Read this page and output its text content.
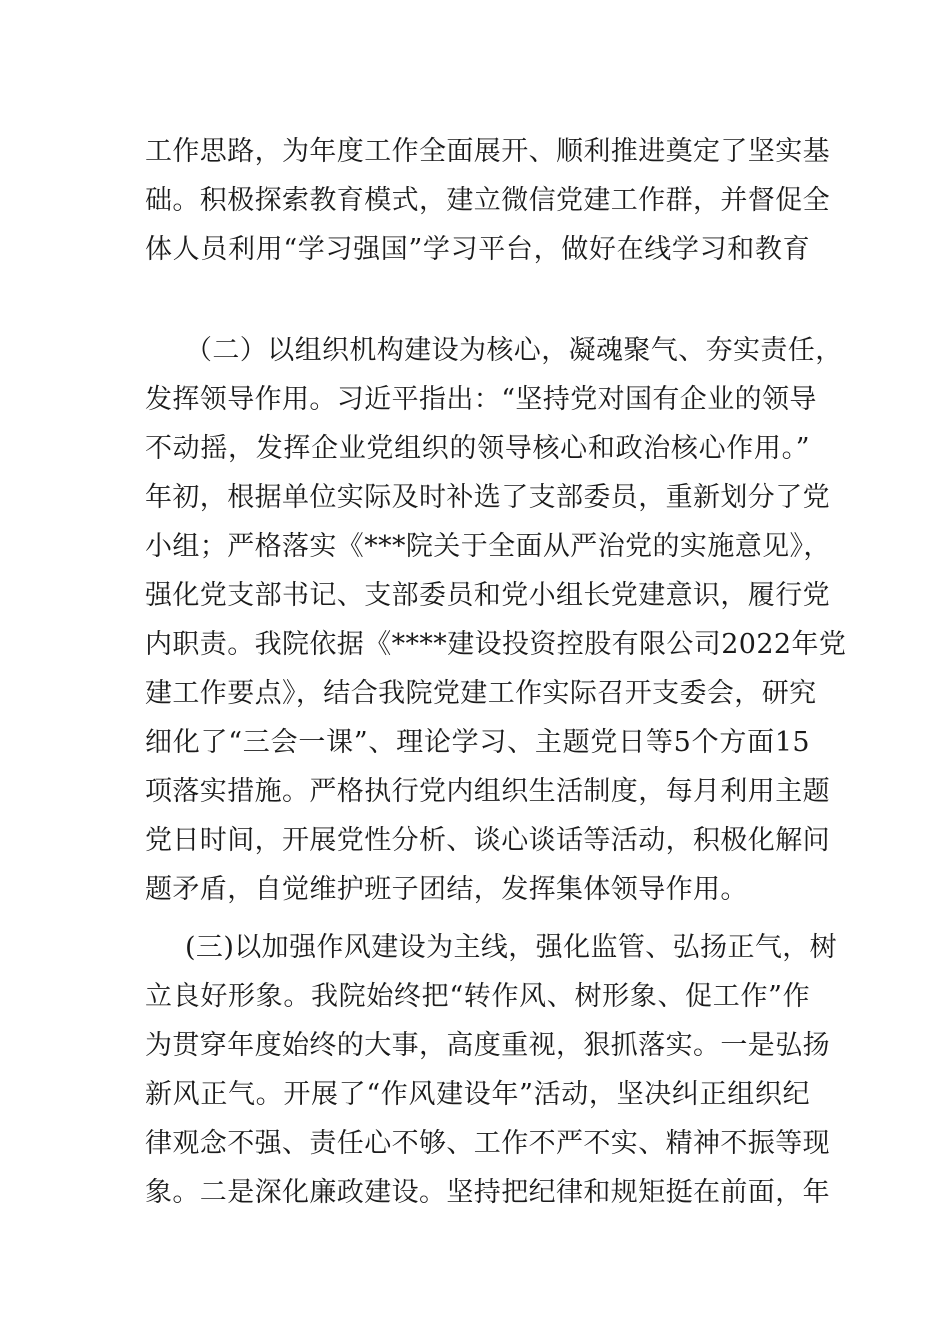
工作思路，为年度工作全面展开、顺利推进奠定了坚实基
础。积极探索教育模式，建立微信党建工作群，并督促全
体人员利用“学习强国”学习平台，做好在线学习和教育
（二）以组织机构建设为核心，凝魂聚气、夯实责任，
发挥领导作用。习近平指出：“坚持党对国有企业的领导
不动摇，发挥企业党组织的领导核心和政治核心作用。”
年初，根据单位实际及时补选了支部委员，重新划分了党
小组；严格落实《***院关于全面从严治党的实施意见》，
强化党支部书记、支部委员和党小组长党建意识，履行党
内职责。我院依据《****建设投资控股有限公司2022年党
建工作要点》，结合我院党建工作实际召开支委会，研究
细化了“三会一课”、理论学习、主题党日等5个方面15
项落实措施。严格执行党内组织生活制度，每月利用主题
党日时间，开展党性分析、谈心谈话等活动，积极化解问
题矛盾，自觉维护班子团结，发挥集体领导作用。
(三)以加强作风建设为主线，强化监管、弘扬正气，树
立良好形象。我院始终把“转作风、树形象、促工作”作
为贯穿年度始终的大事，高度重视，狠抓落实。一是弘扬
新风正气。开展了“作风建设年”活动，坚决纠正组织纪
律观念不强、责任心不够、工作不严不实、精神不振等现
象。二是深化廉政建设。坚持把纪律和规矩挺在前面，年
